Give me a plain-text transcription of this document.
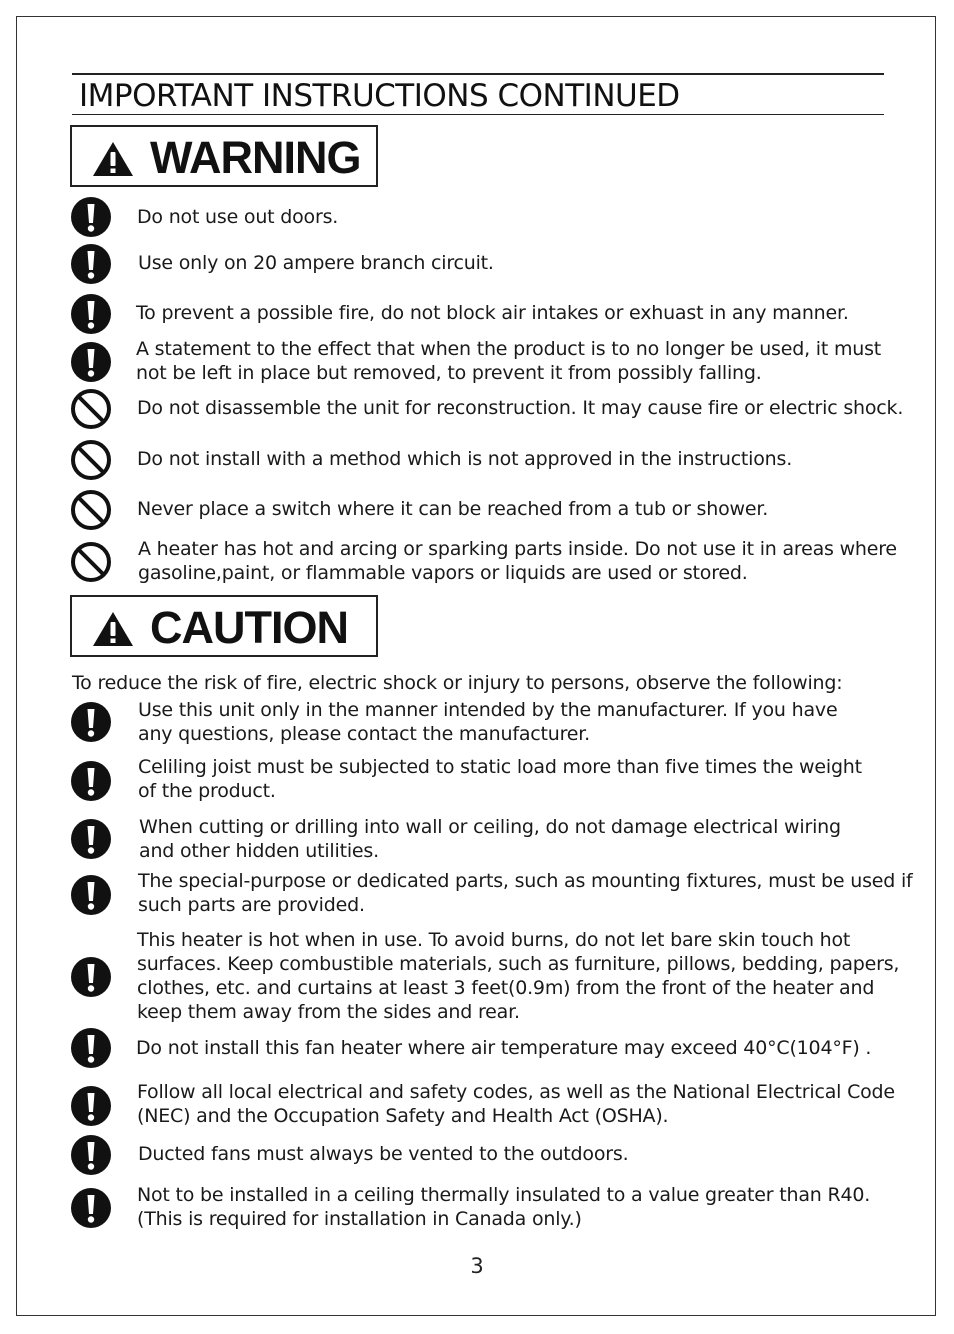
IMPORTANT INSTRUCTIONS CONTINUED
WARNING
Do not use out doors.
Use only on 20 ampere branch circuit.
To prevent a possible fire, do not block air intakes or exhuast in any manner.
A statement to the effect that when the product is to no longer be used, it must
not be left in place but removed, to prevent it from possibly falling.
Do not disassemble the unit for reconstruction. It may cause fire or electric shock.
Do not install with a method which is not approved in the instructions.
Never place a switch where it can be reached from a tub or shower.
A heater has hot and arcing or sparking parts inside. Do not use it in areas where
gasoline,paint, or flammable vapors or liquids are used or stored.
CAUTION
To reduce the risk of fire, electric shock or injury to persons, observe the following:
Use this unit only in the manner intended by the manufacturer. If you have
any questions, please contact the manufacturer.
Celiling joist must be subjected to static load more than five times the weight
of the product.
When cutting or drilling into wall or ceiling, do not damage electrical wiring
and other hidden utilities.
The special-purpose or dedicated parts, such as mounting fixtures, must be used if
such parts are provided.
This heater is hot when in use. To avoid burns, do not let bare skin touch hot
surfaces. Keep combustible materials, such as furniture, pillows, bedding, papers,
clothes, etc. and curtains at least 3 feet(0.9m) from the front of the heater and
keep them away from the sides and rear.
Do not install this fan heater where air temperature may exceed 40°C(104°F) .
Follow all local electrical and safety codes, as well as the National Electrical Code
(NEC) and the Occupation Safety and Health Act (OSHA).
Ducted fans must always be vented to the outdoors.
Not to be installed in a ceiling thermally insulated to a value greater than R40.
(This is required for installation in Canada only.)
3
